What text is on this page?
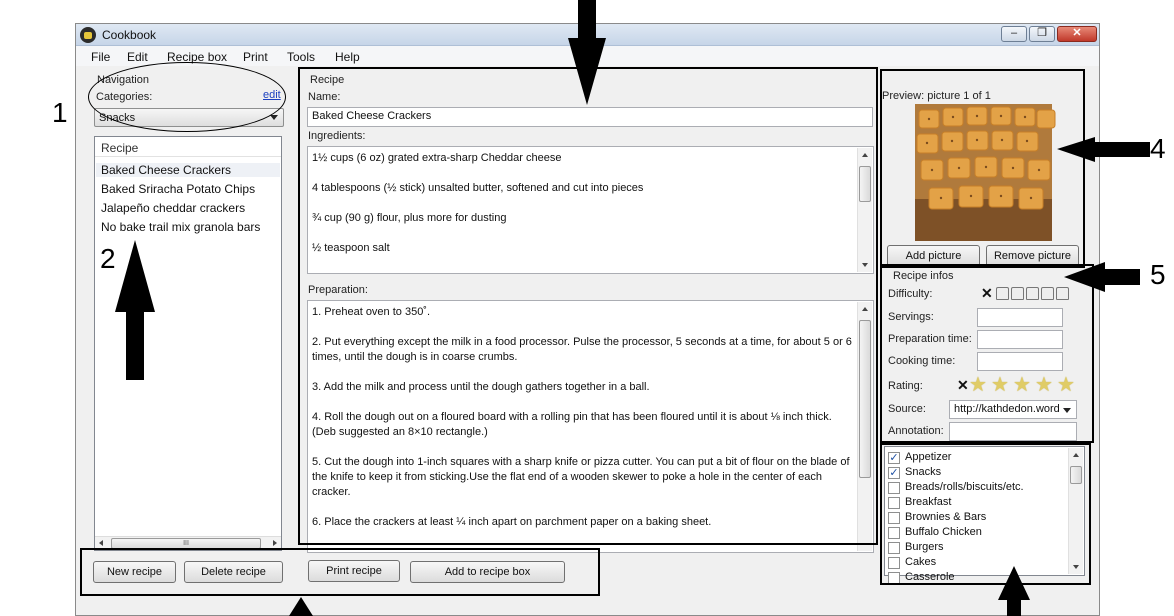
Cookbook	–	❐	✕
File Edit Recipe box Print Tools Help
Navigation
Categories:	edit
Snacks
Recipe
Baked Cheese Crackers
Baked Sriracha Potato Chips
Jalapeño cheddar crackers
No bake trail mix granola bars
III
Recipe
Name:
Baked Cheese Crackers
Ingredients:

1½ cups (6 oz) grated extra-sharp Cheddar cheese

4 tablespoons (½ stick) unsalted butter, softened and cut into pieces

¾ cup (90 g) flour, plus more for dusting

½ teaspoon salt

Preparation:

1. Preheat oven to 350˚.

2. Put everything except the milk in a food processor. Pulse the processor, 5 seconds at a time, for about 5 or 6 times, until the dough is in coarse crumbs.

3. Add the milk and process until the dough gathers together in a ball.

4. Roll the dough out on a floured board with a rolling pin that has been floured until it is about ⅛ inch thick. (Deb suggested an 8×10 rectangle.)

5. Cut the dough into 1-inch squares with a sharp knife or pizza cutter. You can put a bit of flour on the blade of the knife to keep it from sticking.Use the flat end of a wooden skewer to poke a hole in the center of each cracker.

6. Place the crackers at least ¼ inch apart on parchment paper on a baking sheet.

Preview: picture 1 of 1
Add picture	Remove picture
Recipe infos
Difficulty:	✕
Servings:
Preparation time:
Cooking time:
Rating: ✕ ★ ★ ★ ★ ★
Source:	http://kathdedon.word
Annotation:
✓ Appetizer
✓ Snacks
Breads/rolls/biscuits/etc.
Breakfast
Brownies & Bars
Buffalo Chicken
Burgers
Cakes
Casserole
New recipe	Delete recipe	Print recipe	Add to recipe box
1
2
4
5
